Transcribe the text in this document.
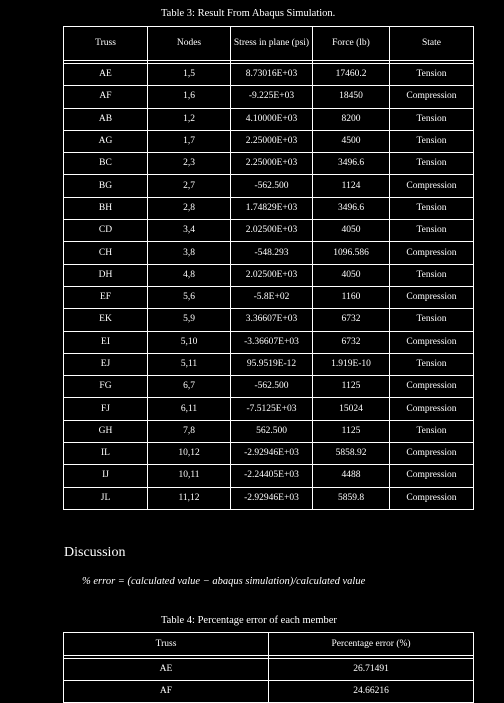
Table 3: Result From Abaqus Simulation.
Truss	Nodes	Stress in plane (psi)	Force (lb)	State

AE	1,5	8.73016E+03	17460.2	Tension
AF	1,6	-9.225E+03	18450	Compression
AB	1,2	4.10000E+03	8200	Tension
AG	1,7	2.25000E+03	4500	Tension
BC	2,3	2.25000E+03	3496.6	Tension
BG	2,7	-562.500	1124	Compression
BH	2,8	1.74829E+03	3496.6	Tension
CD	3,4	2.02500E+03	4050	Tension
CH	3,8	-548.293	1096.586	Compression
DH	4,8	2.02500E+03	4050	Tension
EF	5,6	-5.8E+02	1160	Compression
EK	5,9	3.36607E+03	6732	Tension
EI	5,10	-3.36607E+03	6732	Compression
EJ	5,11	95.9519E-12	1.919E-10	Tension
FG	6,7	-562.500	1125	Compression
FJ	6,11	-7.5125E+03	15024	Compression
GH	7,8	562.500	1125	Tension
IL	10,12	-2.92946E+03	5858.92	Compression
IJ	10,11	-2.24405E+03	4488	Compression
JL	11,12	-2.92946E+03	5859.8	Compression
Discussion
% error = (calculated value − abaqus simulation)/calculated value
Table 4: Percentage error of each member
Truss	Percentage error (%)

AE	26.71491
AF	24.66216
